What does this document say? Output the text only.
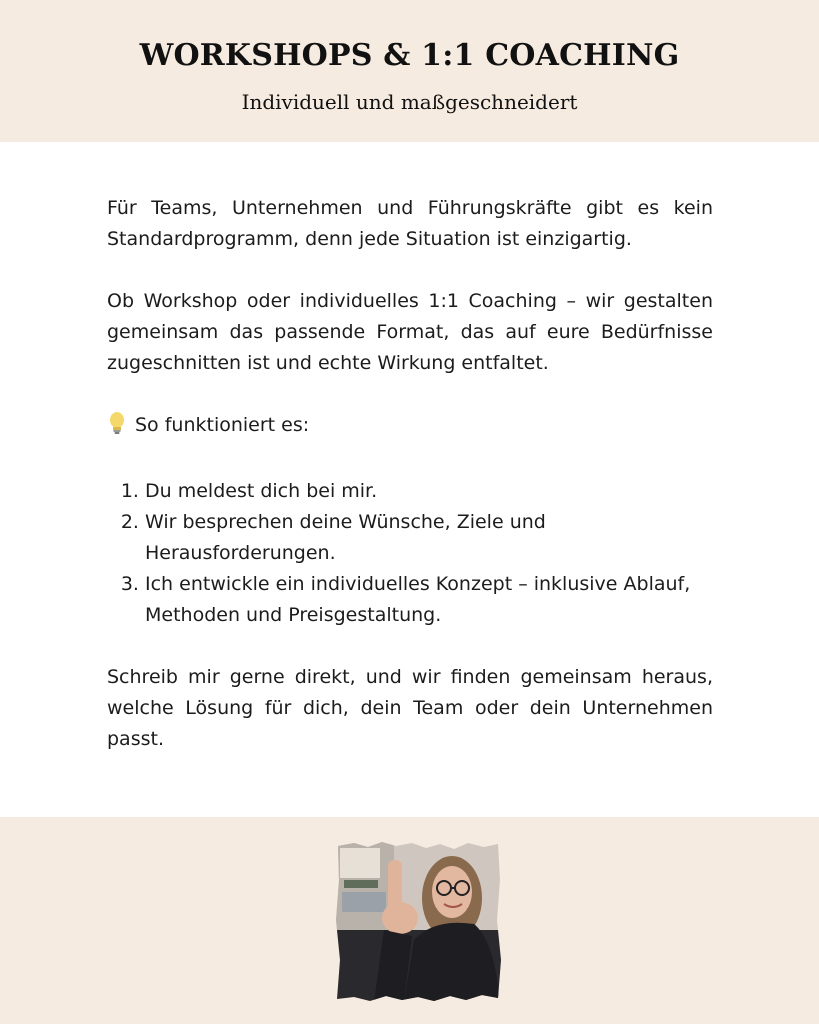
WORKSHOPS & 1:1 COACHING
Individuell und maßgeschneidert

Für Teams, Unternehmen und Führungskräfte gibt es kein Standardprogramm, denn jede Situation ist einzigartig.

Ob Workshop oder individuelles 1:1 Coaching – wir gestalten gemeinsam das passende Format, das auf eure Bedürfnisse zugeschnitten ist und echte Wirkung entfaltet.

So funktioniert es:

1. Du meldest dich bei mir.
2. Wir besprechen deine Wünsche, Ziele und Herausforderungen.
3. Ich entwickle ein individuelles Konzept – inklusive Ablauf, Methoden und Preisgestaltung.

Schreib mir gerne direkt, und wir finden gemeinsam heraus, welche Lösung für dich, dein Team oder dein Unternehmen passt.
